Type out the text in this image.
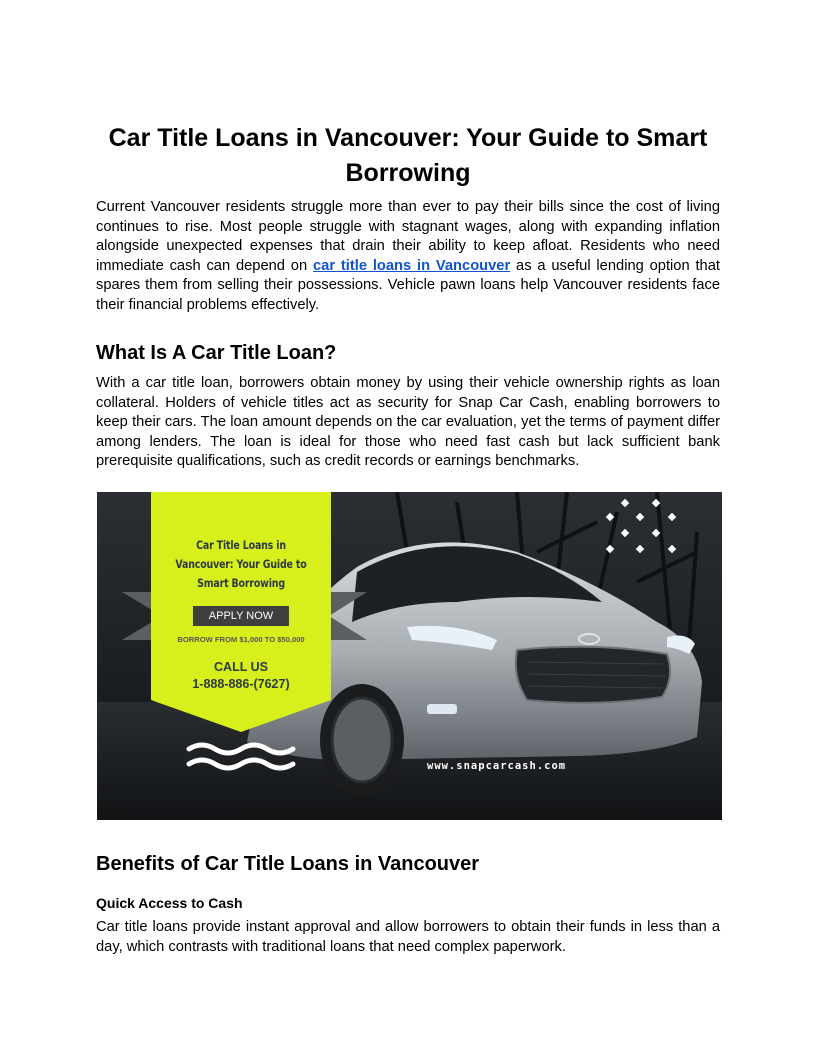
Car Title Loans in Vancouver: Your Guide to Smart Borrowing

Current Vancouver residents struggle more than ever to pay their bills since the cost of living continues to rise. Most people struggle with stagnant wages, along with expanding inflation alongside unexpected expenses that drain their ability to keep afloat. Residents who need immediate cash can depend on car title loans in Vancouver as a useful lending option that spares them from selling their possessions. Vehicle pawn loans help Vancouver residents face their financial problems effectively.

What Is A Car Title Loan?

With a car title loan, borrowers obtain money by using their vehicle ownership rights as loan collateral. Holders of vehicle titles act as security for Snap Car Cash, enabling borrowers to keep their cars. The loan amount depends on the car evaluation, yet the terms of payment differ among lenders. The loan is ideal for those who need fast cash but lack sufficient bank prerequisite qualifications, such as credit records or earnings benchmarks.

Car Title Loans in
Vancouver: Your Guide to
Smart Borrowing
APPLY NOW
BORROW FROM $1,000 TO $50,000
CALL US
1-888-886-(7627)
www.snapcarcash.com
Benefits of Car Title Loans in Vancouver
Quick Access to Cash

Car title loans provide instant approval and allow borrowers to obtain their funds in less than a day, which contrasts with traditional loans that need complex paperwork.
